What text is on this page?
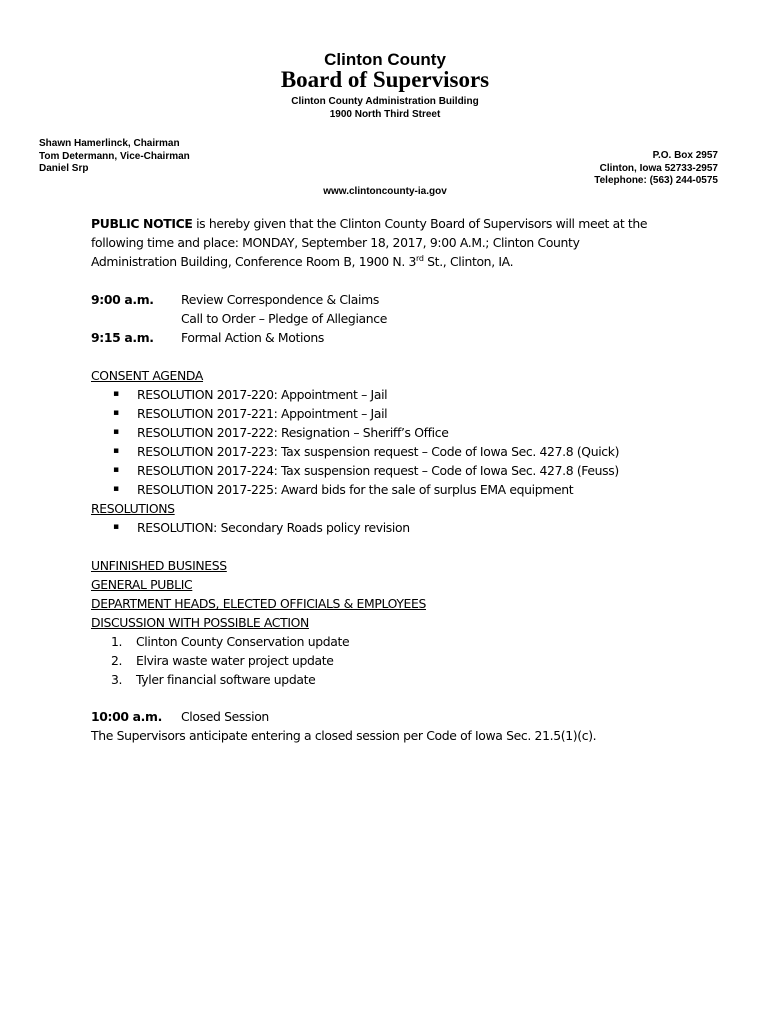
Clinton County
Board of Supervisors
Clinton County Administration Building
1900 North Third Street
Shawn Hamerlinck, Chairman
Tom Determann, Vice-Chairman
Daniel Srp
P.O. Box 2957
Clinton, Iowa 52733-2957
Telephone: (563) 244-0575
www.clintoncounty-ia.gov
PUBLIC NOTICE is hereby given that the Clinton County Board of Supervisors will meet at the
following time and place: MONDAY, September 18, 2017, 9:00 A.M.; Clinton County
Administration Building, Conference Room B, 1900 N. 3rd St., Clinton, IA.
9:00 a.m.	Review Correspondence & Claims
Call to Order – Pledge of Allegiance
9:15 a.m.	Formal Action & Motions
CONSENT AGENDA
▪	RESOLUTION 2017-220: Appointment – Jail
▪	RESOLUTION 2017-221: Appointment – Jail
▪	RESOLUTION 2017-222: Resignation – Sheriff’s Office
▪	RESOLUTION 2017-223: Tax suspension request – Code of Iowa Sec. 427.8 (Quick)
▪	RESOLUTION 2017-224: Tax suspension request – Code of Iowa Sec. 427.8 (Feuss)
▪	RESOLUTION 2017-225: Award bids for the sale of surplus EMA equipment
RESOLUTIONS
▪	RESOLUTION: Secondary Roads policy revision
UNFINISHED BUSINESS
GENERAL PUBLIC
DEPARTMENT HEADS, ELECTED OFFICIALS & EMPLOYEES
DISCUSSION WITH POSSIBLE ACTION
1.	Clinton County Conservation update
2.	Elvira waste water project update
3.	Tyler financial software update
10:00 a.m.	Closed Session
The Supervisors anticipate entering a closed session per Code of Iowa Sec. 21.5(1)(c).
